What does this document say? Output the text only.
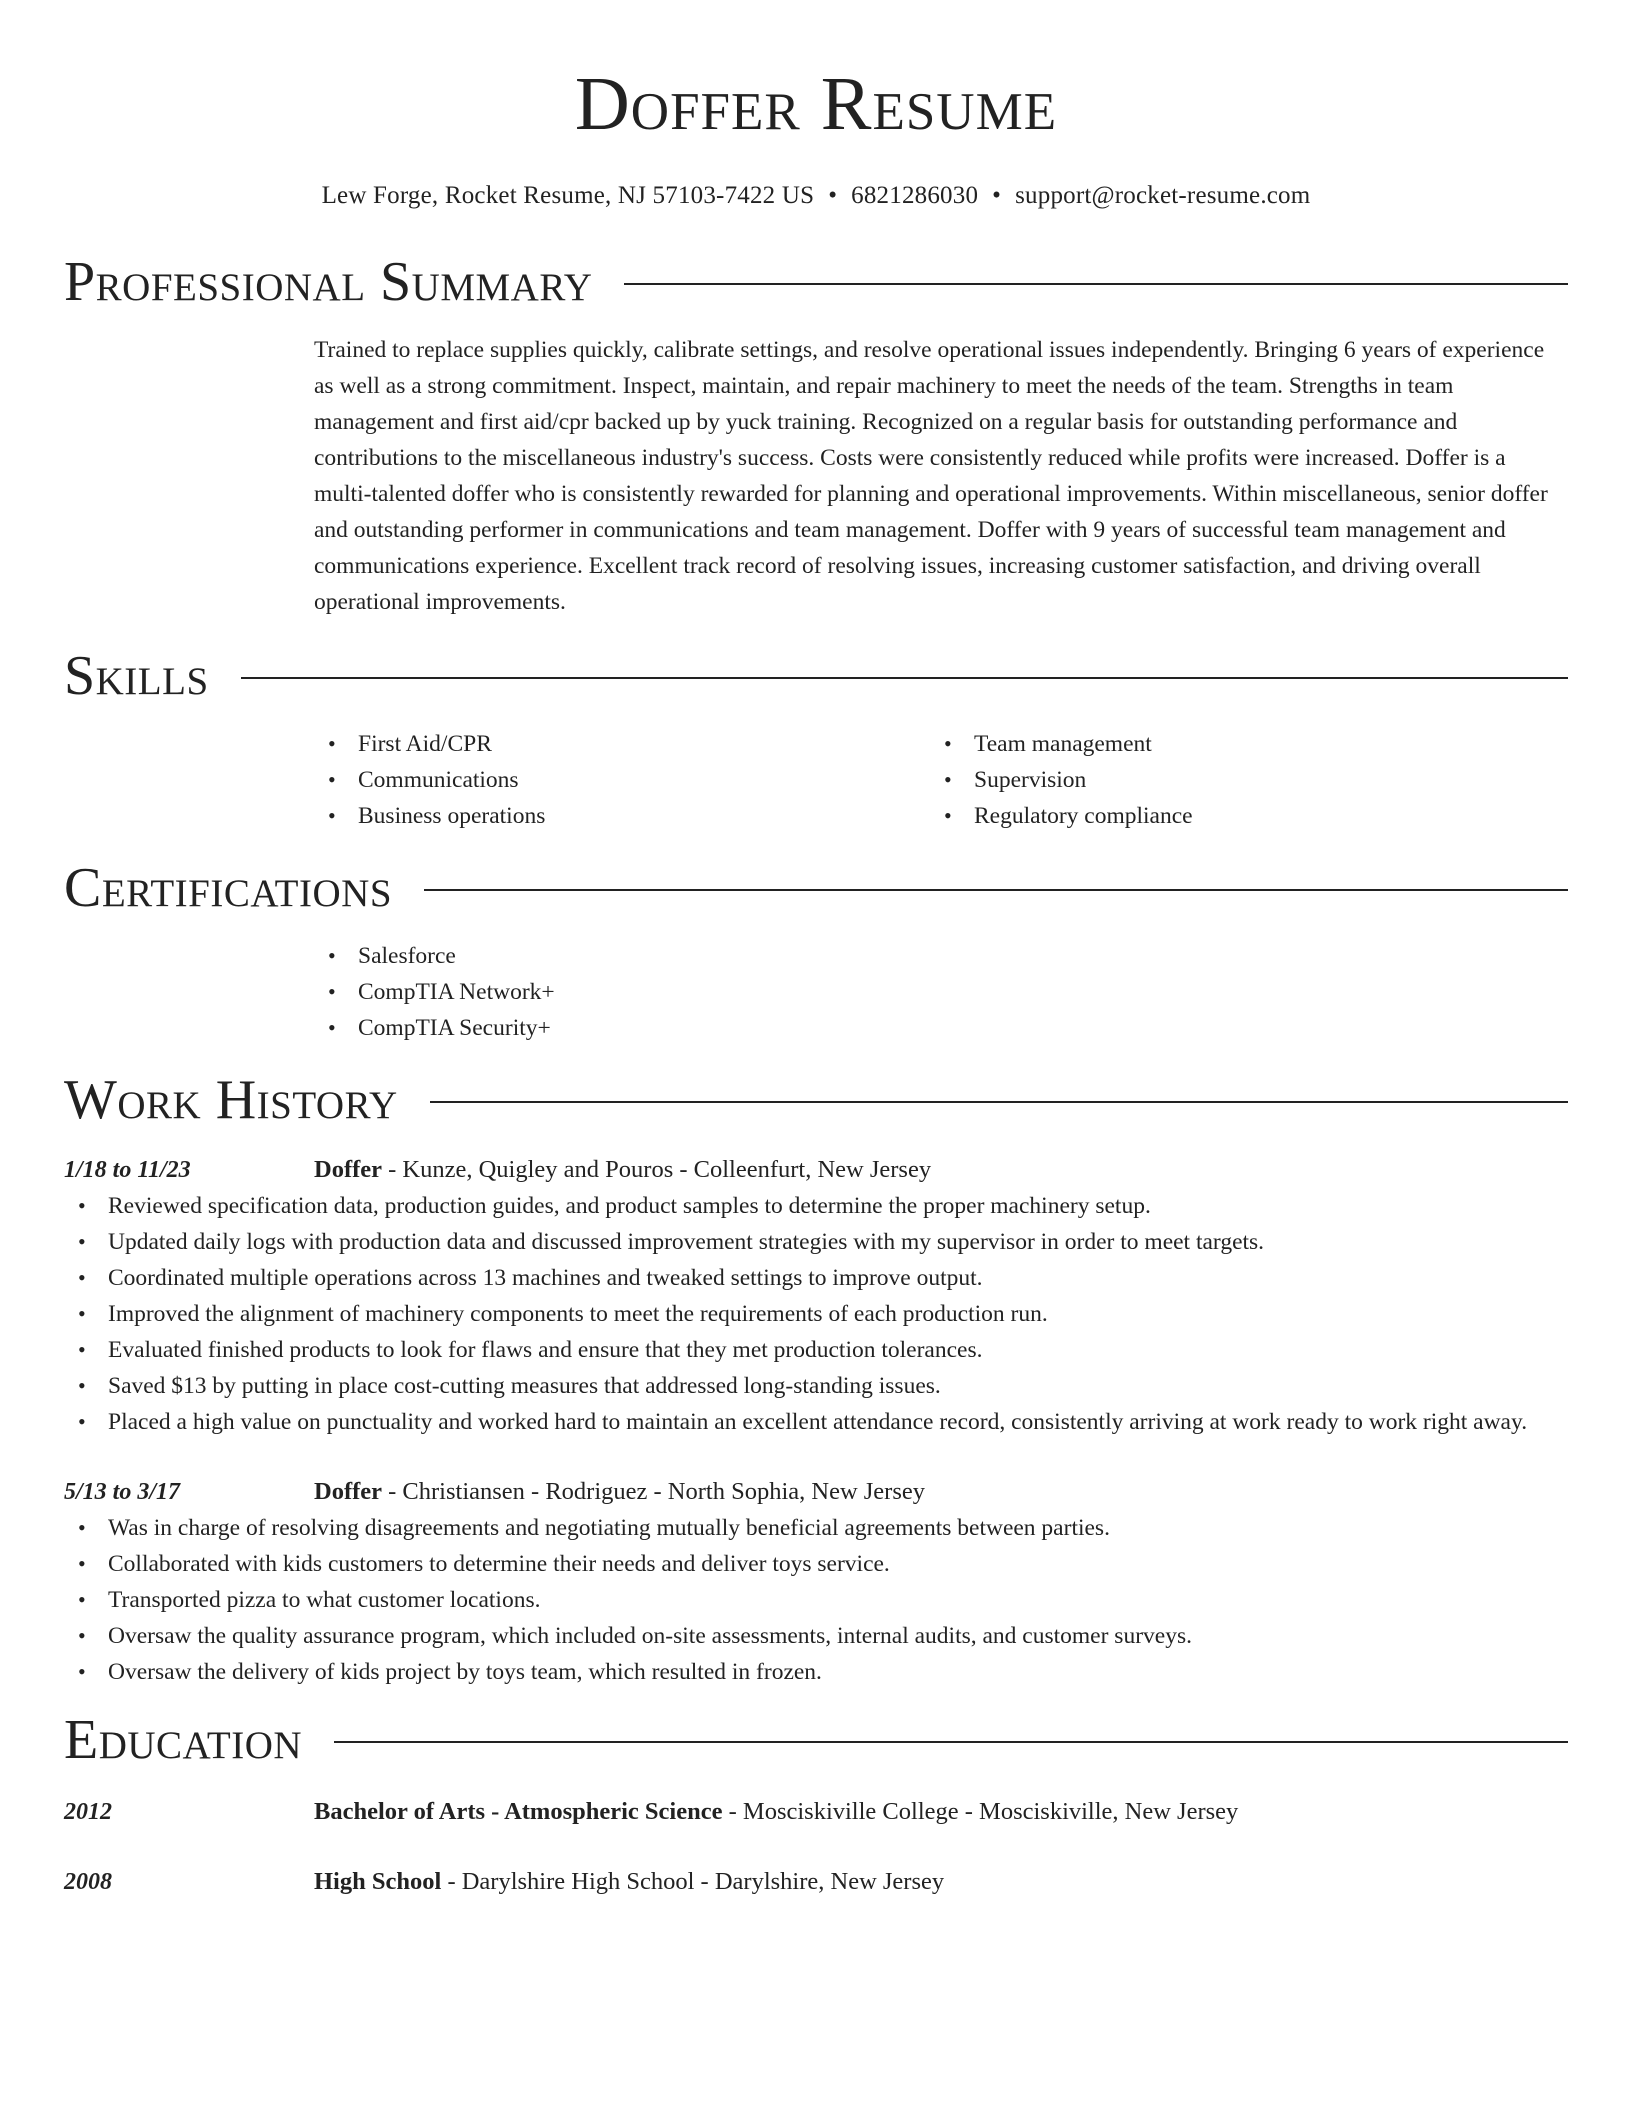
Doffer Resume
Lew Forge, Rocket Resume, NJ 57103-7422 US • 6821286030 • support@rocket-resume.com
Professional Summary
Trained to replace supplies quickly, calibrate settings, and resolve operational issues independently. Bringing 6 years of experience as well as a strong commitment. Inspect, maintain, and repair machinery to meet the needs of the team. Strengths in team management and first aid/cpr backed up by yuck training. Recognized on a regular basis for outstanding performance and contributions to the miscellaneous industry's success. Costs were consistently reduced while profits were increased. Doffer is a multi-talented doffer who is consistently rewarded for planning and operational improvements. Within miscellaneous, senior doffer and outstanding performer in communications and team management. Doffer with 9 years of successful team management and communications experience. Excellent track record of resolving issues, increasing customer satisfaction, and driving overall operational improvements.
Skills
• First Aid/CPR
• Communications
• Business operations
• Team management
• Supervision
• Regulatory compliance
Certifications
• Salesforce
• CompTIA Network+
• CompTIA Security+
Work History
1/18 to 11/23	Doffer - Kunze, Quigley and Pouros - Colleenfurt, New Jersey
• Reviewed specification data, production guides, and product samples to determine the proper machinery setup.
• Updated daily logs with production data and discussed improvement strategies with my supervisor in order to meet targets.
• Coordinated multiple operations across 13 machines and tweaked settings to improve output.
• Improved the alignment of machinery components to meet the requirements of each production run.
• Evaluated finished products to look for flaws and ensure that they met production tolerances.
• Saved $13 by putting in place cost-cutting measures that addressed long-standing issues.
• Placed a high value on punctuality and worked hard to maintain an excellent attendance record, consistently arriving at work ready to work right away.
5/13 to 3/17	Doffer - Christiansen - Rodriguez - North Sophia, New Jersey
• Was in charge of resolving disagreements and negotiating mutually beneficial agreements between parties.
• Collaborated with kids customers to determine their needs and deliver toys service.
• Transported pizza to what customer locations.
• Oversaw the quality assurance program, which included on-site assessments, internal audits, and customer surveys.
• Oversaw the delivery of kids project by toys team, which resulted in frozen.
Education
2012	Bachelor of Arts - Atmospheric Science - Mosciskiville College - Mosciskiville, New Jersey
2008	High School - Darylshire High School - Darylshire, New Jersey
